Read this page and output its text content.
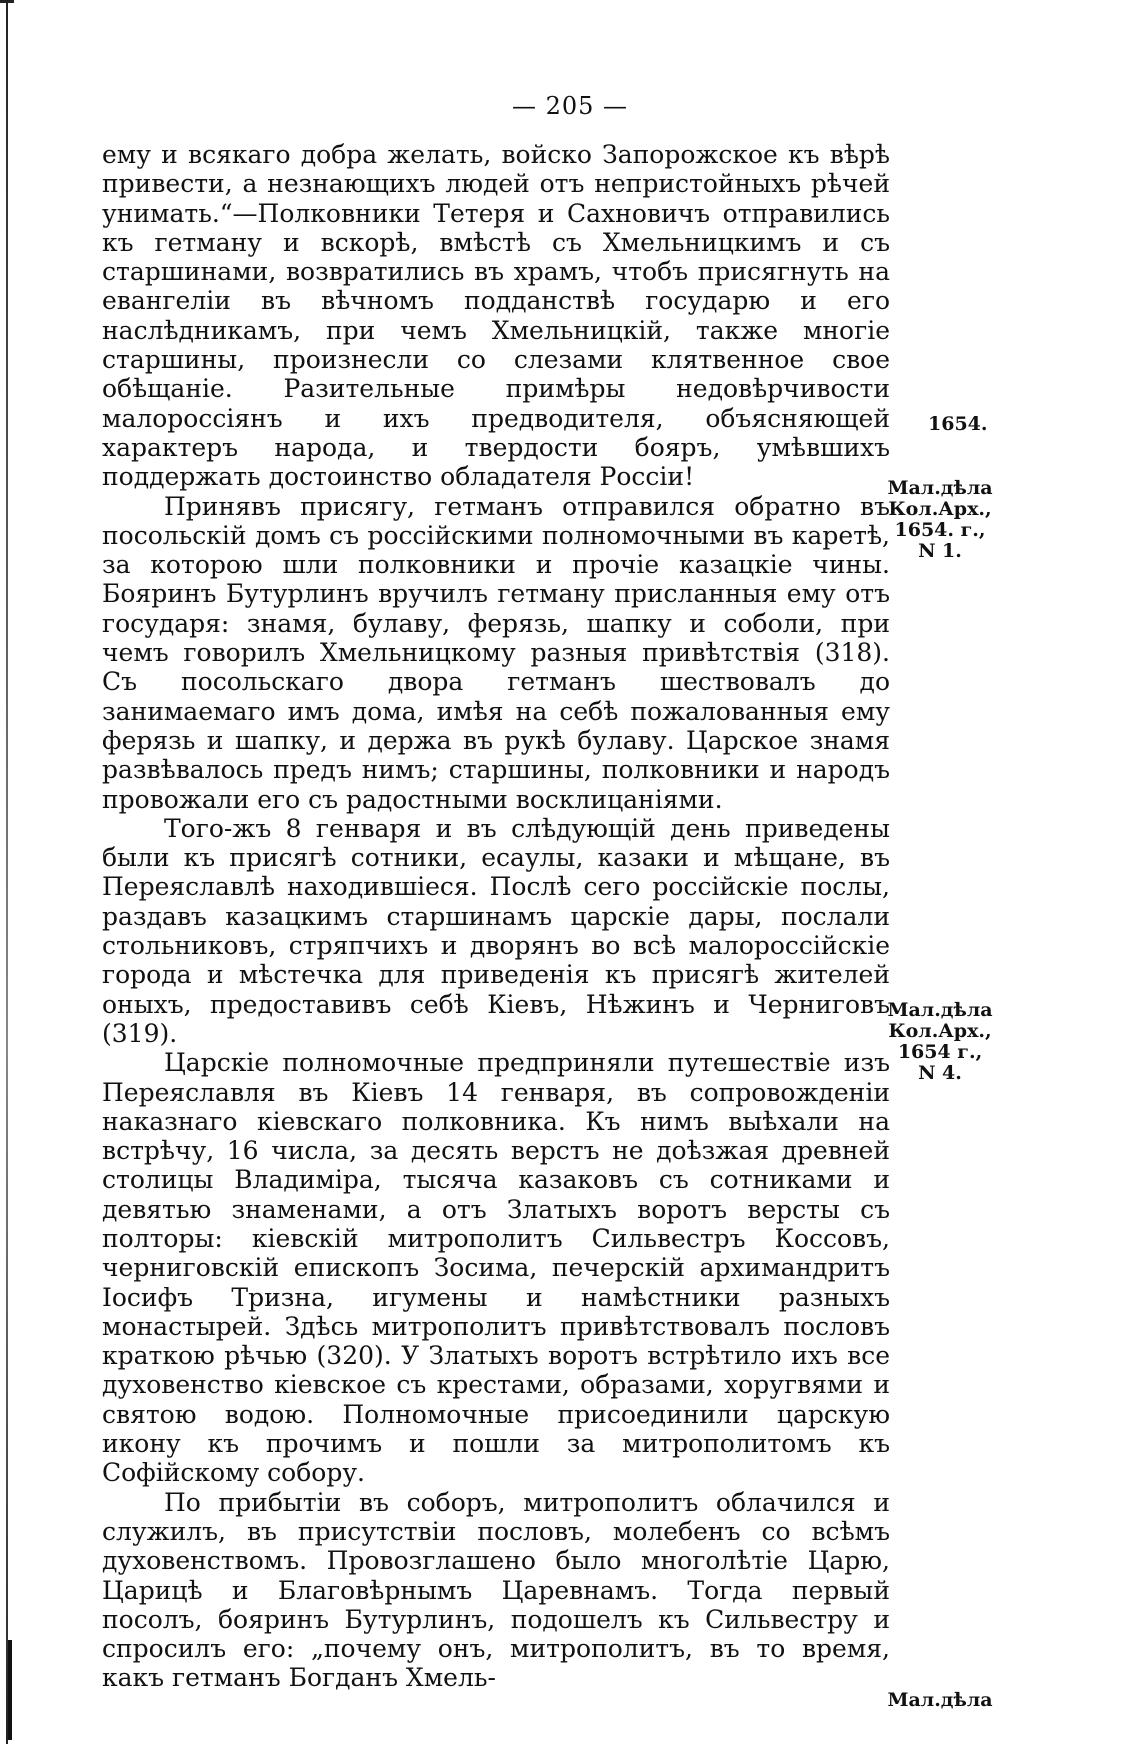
— 205 —

ему и всякаго добра желать, войско Запорожское къ вѣрѣ привести, а незнающихъ людей отъ непристойныхъ рѣчей унимать.“—Полковники Тетеря и Сахновичъ отправились къ гетману и вскорѣ, вмѣстѣ съ Хмельницкимъ и съ старшинами, возвратились въ храмъ, чтобъ присягнуть на евангеліи въ вѣчномъ подданствѣ государю и его наслѣдникамъ, при чемъ Хмельницкій, также многіе старшины, произнесли со слезами клятвенное свое обѣщаніе. Разительные примѣры недовѣрчивости малороссіянъ и ихъ предводителя, объясняющей характеръ народа, и твердости бояръ, умѣвшихъ поддержать достоинство обладателя Россіи!

Принявъ присягу, гетманъ отправился обратно въ посольскій домъ съ россійскими полномочными въ каретѣ, за которою шли полковники и прочіе казацкіе чины. Бояринъ Бутурлинъ вручилъ гетману присланныя ему отъ государя: знамя, булаву, ферязь, шапку и соболи, при чемъ говорилъ Хмельницкому разныя привѣтствія (318). Съ посольскаго двора гетманъ шествовалъ до занимаемаго имъ дома, имѣя на себѣ пожалованныя ему ферязь и шапку, и держа въ рукѣ булаву. Царское знамя развѣвалось предъ нимъ; старшины, полковники и народъ провожали его съ радостными восклицаніями.

Того-жъ 8 генваря и въ слѣдующій день приведены были къ присягѣ сотники, есаулы, казаки и мѣщане, въ Переяславлѣ находившіеся. Послѣ сего россійскіе послы, раздавъ казацкимъ старшинамъ царскіе дары, послали стольниковъ, стряпчихъ и дворянъ во всѣ малороссійскіе города и мѣстечка для приведенія къ присягѣ жителей оныхъ, предоставивъ себѣ Кіевъ, Нѣжинъ и Черниговъ (319).

Царскіе полномочные предприняли путешествіе изъ Переяславля въ Кіевъ 14 генваря, въ сопровожденіи наказнаго кіевскаго полковника. Къ нимъ выѣхали на встрѣчу, 16 числа, за десять верстъ не доѣзжая древней столицы Владиміра, тысяча казаковъ съ сотниками и девятью знаменами, а отъ Златыхъ воротъ версты съ полторы: кіевскій митрополитъ Сильвестръ Коссовъ, черниговскій епископъ Зосима, печерскій архимандритъ Іосифъ Тризна, игумены и намѣстники разныхъ монастырей. Здѣсь митрополитъ привѣтствовалъ пословъ краткою рѣчью (320). У Златыхъ воротъ встрѣтило ихъ все духовенство кіевское съ крестами, образами, хоругвями и святою водою. Полномочные присоединили царскую икону къ прочимъ и пошли за митрополитомъ къ Софійскому собору.

По прибытіи въ соборъ, митрополитъ облачился и служилъ, въ присутствіи пословъ, молебенъ со всѣмъ духовенствомъ. Провозглашено было многолѣтіе Царю, Царицѣ и Благовѣрнымъ Царевнамъ. Тогда первый посолъ, бояринъ Бутурлинъ, подошелъ къ Сильвестру и спросилъ его: „почему онъ, митрополитъ, въ то время, какъ гетманъ Богданъ Хмель-

1654.
Мал.дѣла
Кол.Арх.,
1654. г.,
N 1.
Мал.дѣла
Кол.Арх.,
1654 г.,
N 4.
Мал.дѣла
